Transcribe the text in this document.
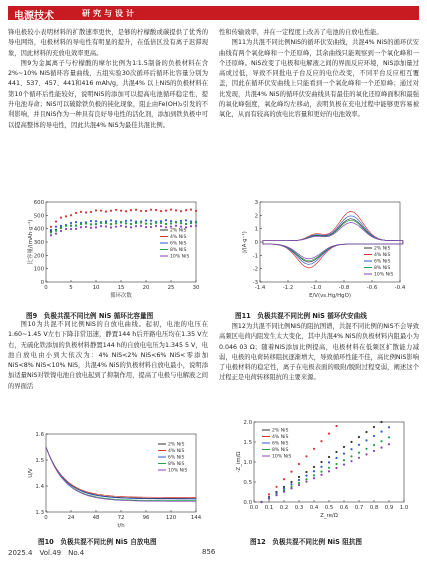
电源技术	研究与设计

锋电极较小表明材料的扩散速率更快，是够的柠檬酸或碳提供了优秀的导电网络，电极材料的导电性有明显的提升，在低倍区没有离子迟滞现象，因此材料的充放电效率更高。

图9为金属离子与柠檬酸的摩尔比例为1∶1.5制备的负极材料在含2%~10% NiS循环容量曲线，五组实验30次循环后循环比容量分别为441、537、457、441和416 mAh/g，共混4% 以上NiS的负极材料在第10个循环后性能较好，说明NiS的添加可以提高电池循环稳定性，提升电池寿命；NiS可以破除铁负极的钝化现象，阻止由Fe(OH)₂引发的不利影响，并且NiS作为一种具有良好导电性的活化剂，添加到铁负极中可以提高整体的导电性，因此共混4% NiS为最佳共混比例。

0	5	10	15	20	25	30
0
100
200
300
400
500
600
循环次数
比容量/(mAh·g⁻¹)	2% NiS
4% NiS
6% NiS
8% NiS
10% NiS
图9　负极共混不同比例 NiS 循环比容量图

图10为共混不同比例NiS的自放电曲线。起初，电池的电压在1.60~1.45 V左右下降非常迅速，静置144 h后开路电压均在1.35 V左右，无硫化铁添加的负极材料静置144 h的自放电电压为1.345 5 V，电池自放电由小到大依次为：4% NiS<2% NiS<6% NiS<零添加NiS<8% NiS<10% NiS，共混4% NiS的负极材料自放电最小，说明添加适量NiS对铁镍电池自放电起到了抑制作用，提高了电极与电解液之间的界面活

0	24	48	72	96	120	144
1.3
1.4
1.5
1.6
t/h
U/V
2% NiS
4% NiS
6% NiS
8% NiS
10% NiS
图10　负极共混不同比例 NiS 自放电图

性和传输效率，并在一定程度上改善了电池的自放电性能。

图11为共混不同比例NiS的循环伏安曲线，共混4% NiS的循环伏安曲线有两个氧化峰和一个还原峰，其余曲线只能观察到一个氧化峰和一个还原峰。NiS改变了电极和电解液之间的界面反应环境，NiS添加量过高或过低，导致不同批电子台反应的电位改变，不同平台反应相互覆盖，因此在循环伏安曲线上只能看到一个氧化峰和一个还原峰；通过对比发现，共混4% NiS的循环伏安曲线具有最佳的氧化还原峰面积和最强的氧化峰强度，氧化峰均左移动，表明负极在充电过程中能够更容易被氧化，从而有较高的放电比容量和更好的电池效率。

-1.4	-1.2	-1.0	-0.8	-0.6	-0.4
-3
-2
-1
0
1
2
3
E/V(vs.Hg/HgO)
J/(A·g⁻¹)	2% NiS
4% NiS
6% NiS
8% NiS
10% NiS
图11　负极共混不同比例 NiS 循环伏安曲线

图12为共混不同比例NiS的阻抗图谱，共混不同比例的NiS不会导致高频区电荷内阻发生太大变化，其中共混4% NiS的负极材料内阻最小为0.046 03 Ω；随着NiS添加比例提高，电极材料在低频区扩散能力减弱，电极的电荷转移阻抗逐渐增大，导致循环性能不佳，高比例NiS影响了电极材料的稳定性，离子在电极表面的吸附/脱附过程变弱，阐述这个过程正是电荷转移阻抗的主要来源。

0.0 0.1 0.2 0.3 0.4 0.5 0.6 0.7 0.8 0.9 1.0
0.0
0.5
1.0
1.5
2.0
Z_re/Ω
-Z_im/Ω
2% NiS
4% NiS
6% NiS
8% NiS
10% NiS
图12　负极共混不同比例 NiS 阻抗图
2025.4　Vol.49　No.4	856
